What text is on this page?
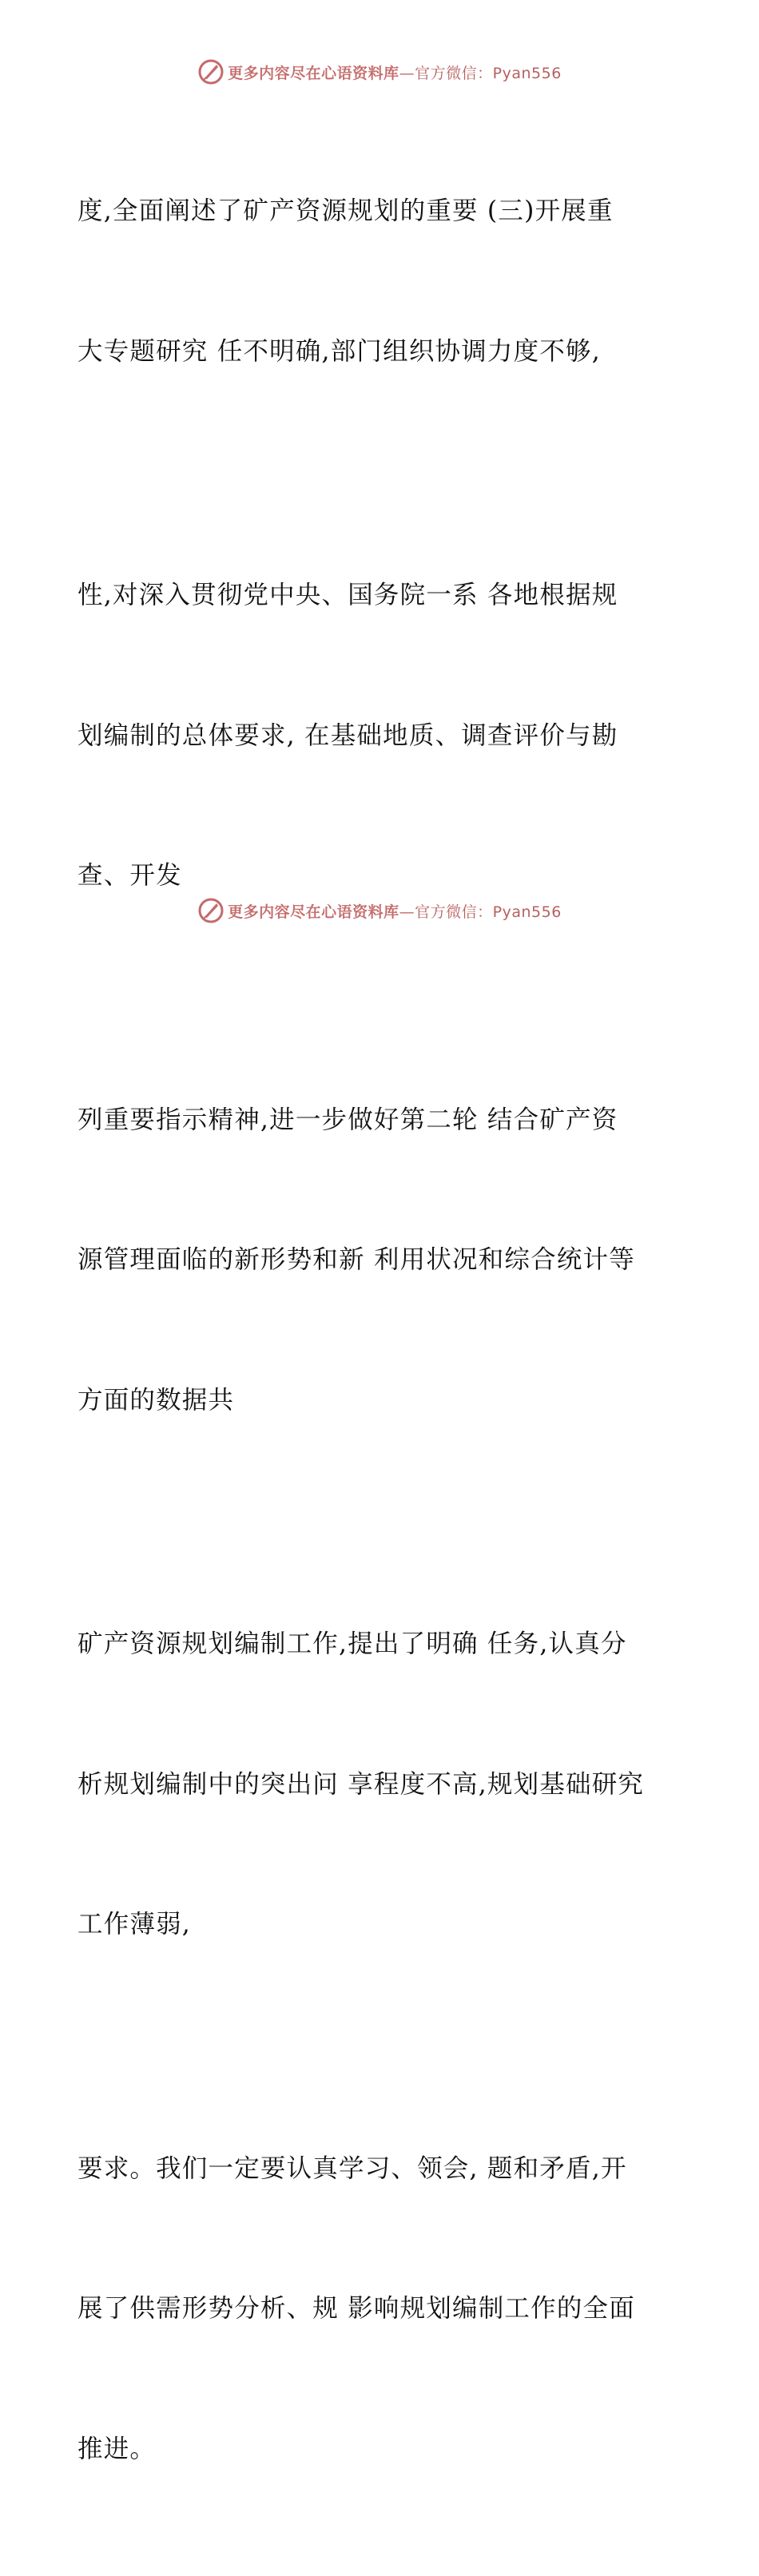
更多内容尽在心语资料库—官方微信：Pyan556

度,全面阐述了矿产资源规划的重要 (三)开展重

大专题研究 任不明确,部门组织协调力度不够,

性,对深入贯彻党中央、国务院一系 各地根据规

划编制的总体要求, 在基础地质、调查评价与勘

查、开发

列重要指示精神,进一步做好第二轮 结合矿产资

源管理面临的新形势和新 利用状况和综合统计等

方面的数据共

矿产资源规划编制工作,提出了明确 任务,认真分

析规划编制中的突出问 享程度不高,规划基础研究

工作薄弱,

要求。我们一定要认真学习、领会, 题和矛盾,开

展了供需形势分析、规 影响规划编制工作的全面

推进。

更多内容尽在心语资料库—官方微信：Pyan556
